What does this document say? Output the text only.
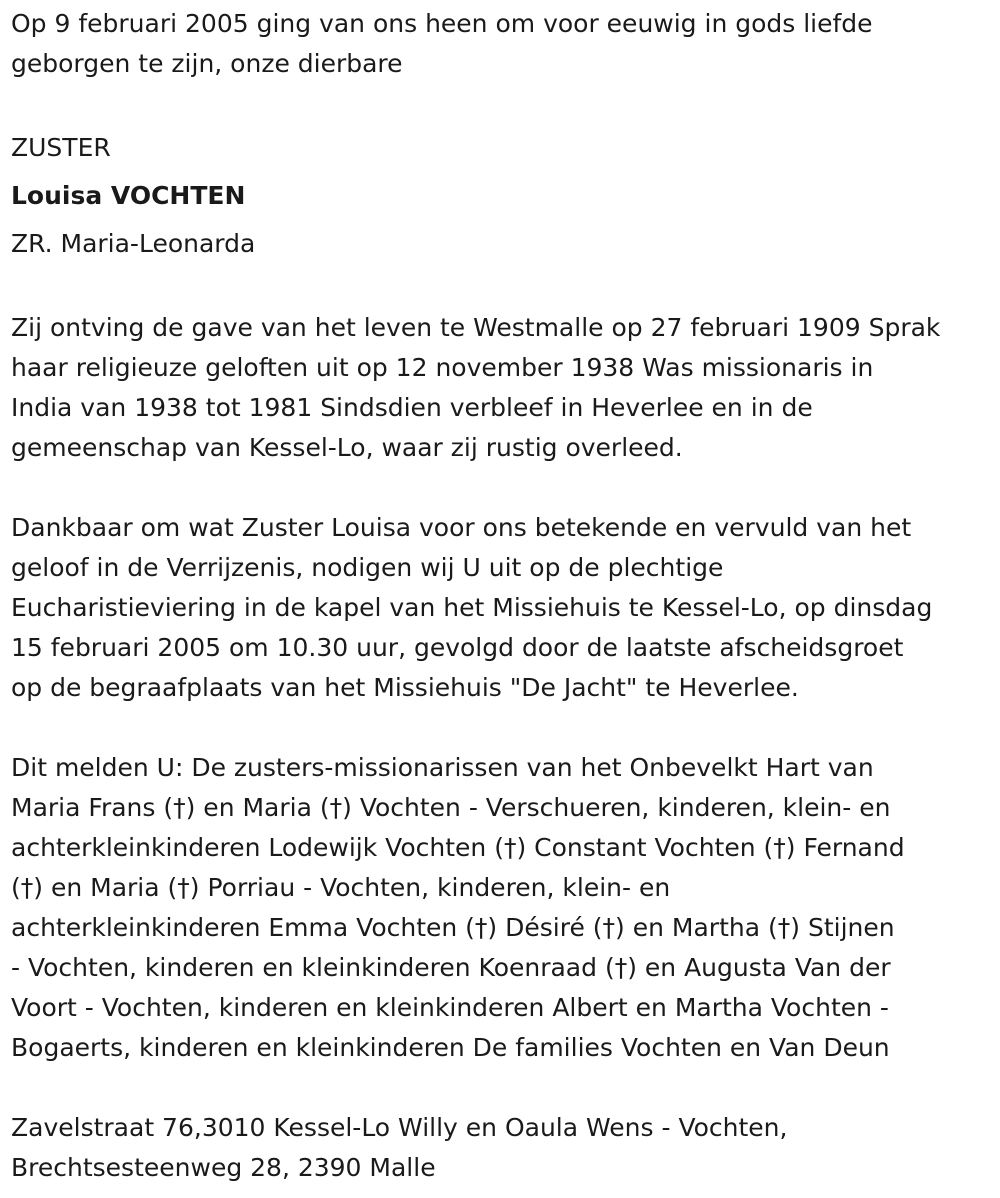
Op 9 februari 2005 ging van ons heen om voor eeuwig in gods liefde
geborgen te zijn, onze dierbare

ZUSTER
Louisa VOCHTEN
ZR. Maria-Leonarda

Zij ontving de gave van het leven te Westmalle op 27 februari 1909 Sprak
haar religieuze geloften uit op 12 november 1938 Was missionaris in
India van 1938 tot 1981 Sindsdien verbleef in Heverlee en in de
gemeenschap van Kessel-Lo, waar zij rustig overleed.

Dankbaar om wat Zuster Louisa voor ons betekende en vervuld van het
geloof in de Verrijzenis, nodigen wij U uit op de plechtige
Eucharistieviering in de kapel van het Missiehuis te Kessel-Lo, op dinsdag
15 februari 2005 om 10.30 uur, gevolgd door de laatste afscheidsgroet
op de begraafplaats van het Missiehuis "De Jacht" te Heverlee.

Dit melden U: De zusters-missionarissen van het Onbevelkt Hart van
Maria Frans (†) en Maria (†) Vochten - Verschueren, kinderen, klein- en
achterkleinkinderen Lodewijk Vochten (†) Constant Vochten (†) Fernand
(†) en Maria (†) Porriau - Vochten, kinderen, klein- en
achterkleinkinderen Emma Vochten (†) Désiré (†) en Martha (†) Stijnen
- Vochten, kinderen en kleinkinderen Koenraad (†) en Augusta Van der
Voort - Vochten, kinderen en kleinkinderen Albert en Martha Vochten -
Bogaerts, kinderen en kleinkinderen De families Vochten en Van Deun

Zavelstraat 76,3010 Kessel-Lo Willy en Oaula Wens - Vochten,
Brechtsesteenweg 28, 2390 Malle
